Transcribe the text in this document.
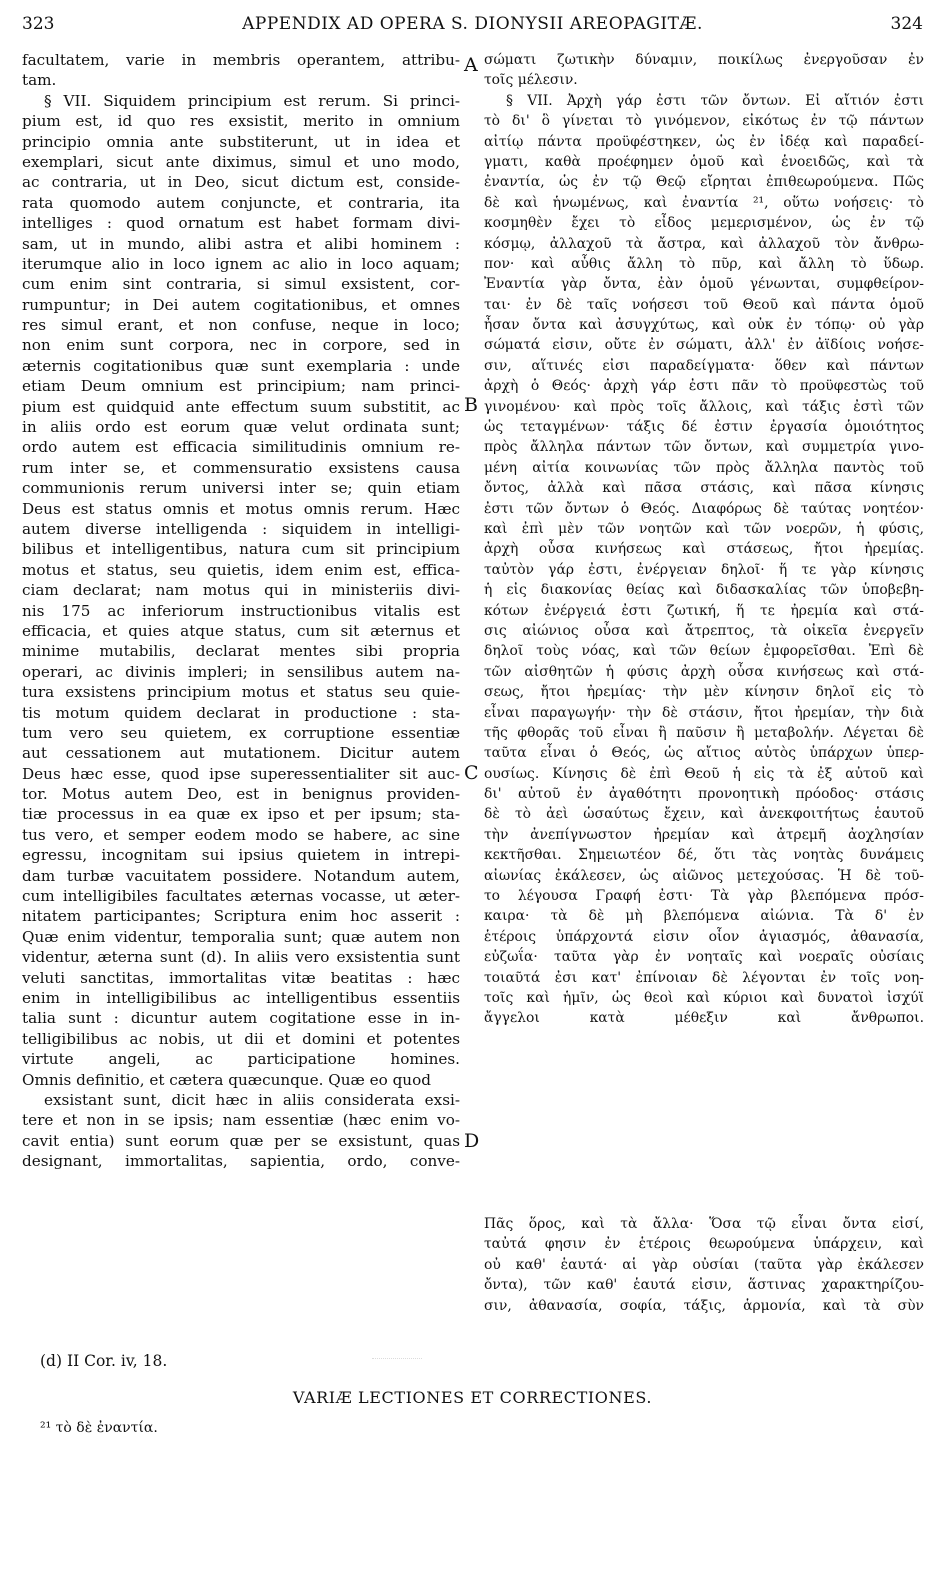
323	APPENDIX AD OPERA S. DIONYSII AREOPAGITÆ.	324
facultatem, varie in membris operantem, attribu-
tam.
§ VII. Siquidem principium est rerum. Si princi-
pium est, id quo res exsistit, merito in omnium
principio omnia ante substiterunt, ut in idea et
exemplari, sicut ante diximus, simul et uno modo,
ac contraria, ut in Deo, sicut dictum est, conside-
rata quomodo autem conjuncte, et contraria, ita
intelliges : quod ornatum est habet formam divi-
sam, ut in mundo, alibi astra et alibi hominem :
iterumque alio in loco ignem ac alio in loco aquam;
cum enim sint contraria, si simul exsistent, cor-
rumpuntur; in Dei autem cogitationibus, et omnes
res simul erant, et non confuse, neque in loco;
non enim sunt corpora, nec in corpore, sed in
æternis cogitationibus quæ sunt exemplaria : unde
etiam Deum omnium est principium; nam princi-
pium est quidquid ante effectum suum substitit, ac
in aliis ordo est eorum quæ velut ordinata sunt;
ordo autem est efficacia similitudinis omnium re-
rum inter se, et commensuratio exsistens causa
communionis rerum universi inter se; quin etiam
Deus est status omnis et motus omnis rerum. Hæc
autem diverse intelligenda : siquidem in intelligi-
bilibus et intelligentibus, natura cum sit principium
motus et status, seu quietis, idem enim est, effica-
ciam declarat; nam motus qui in ministeriis divi-
nis 175 ac inferiorum instructionibus vitalis est
efficacia, et quies atque status, cum sit æternus et
minime mutabilis, declarat mentes sibi propria
operari, ac divinis impleri; in sensilibus autem na-
tura exsistens principium motus et status seu quie-
tis motum quidem declarat in productione : sta-
tum vero seu quietem, ex corruptione essentiæ
aut cessationem aut mutationem. Dicitur autem
Deus hæc esse, quod ipse superessentialiter sit auc-
tor. Motus autem Deo, est in benignus providen-
tiæ processus in ea quæ ex ipso et per ipsum; sta-
tus vero, et semper eodem modo se habere, ac sine
egressu, incognitam sui ipsius quietem in intrepi-
dam turbæ vacuitatem possidere. Notandum autem,
cum intelligibiles facultates æternas vocasse, ut æter-
nitatem participantes; Scriptura enim hoc asserit :
Quæ enim videntur, temporalia sunt; quæ autem non
videntur, æterna sunt (d). In aliis vero exsistentia sunt
veluti sanctitas, immortalitas vitæ beatitas : hæc
enim in intelligibilibus ac intelligentibus essentiis
talia sunt : dicuntur autem cogitatione esse in in-
telligibilibus ac nobis, ut dii et domini et potentes
virtute angeli, ac participatione homines.
Omnis definitio, et cætera quæcunque. Quæ eo quod
exsistant sunt, dicit hæc in aliis considerata exsi-
tere et non in se ipsis; nam essentiæ (hæc enim vo-
cavit entia) sunt eorum quæ per se exsistunt, quas
designant, immortalitas, sapientia, ordo, conve-
σώματι ζωτικὴν δύναμιν, ποικίλως ἐνεργοῦσαν ἐν
τοῖς μέλεσιν.
§ VII. Ἀρχὴ γάρ ἐστι τῶν ὄντων. Εἰ αἴτιόν ἐστι
τὸ δι' ὃ γίνεται τὸ γινόμενον, εἰκότως ἐν τῷ πάντων
αἰτίῳ πάντα προϋφέστηκεν, ὡς ἐν ἰδέᾳ καὶ παραδεί-
γματι, καθὰ προέφημεν ὁμοῦ καὶ ἑνοειδῶς, καὶ τὰ
ἐναντία, ὡς ἐν τῷ Θεῷ εἴρηται ἐπιθεωρούμενα. Πῶς
δὲ καὶ ἡνωμένως, καὶ ἐναντία ²¹, οὕτω νοήσεις· τὸ
κοσμηθὲν ἔχει τὸ εἶδος μεμερισμένον, ὡς ἐν τῷ
κόσμῳ, ἀλλαχοῦ τὰ ἄστρα, καὶ ἀλλαχοῦ τὸν ἄνθρω-
πον· καὶ αὖθις ἄλλη τὸ πῦρ, καὶ ἄλλη τὸ ὕδωρ.
Ἐναντία γὰρ ὄντα, ἐὰν ὁμοῦ γένωνται, συμφθείρον-
ται· ἐν δὲ ταῖς νοήσεσι τοῦ Θεοῦ καὶ πάντα ὁμοῦ
ἦσαν ὄντα καὶ ἀσυγχύτως, καὶ οὐκ ἐν τόπῳ· οὐ γὰρ
σώματά εἰσιν, οὔτε ἐν σώματι, ἀλλ' ἐν ἀϊδίοις νοήσε-
σιν, αἵτινές εἰσι παραδείγματα· ὅθεν καὶ πάντων
ἀρχὴ ὁ Θεός· ἀρχὴ γάρ ἐστι πᾶν τὸ προϋφεστὼς τοῦ
γινομένου· καὶ πρὸς τοῖς ἄλλοις, καὶ τάξις ἐστὶ τῶν
ὡς τεταγμένων· τάξις δέ ἐστιν ἐργασία ὁμοιότητος
πρὸς ἄλληλα πάντων τῶν ὄντων, καὶ συμμετρία γινο-
μένη αἰτία κοινωνίας τῶν πρὸς ἄλληλα παντὸς τοῦ
ὄντος, ἀλλὰ καὶ πᾶσα στάσις, καὶ πᾶσα κίνησις
ἐστι τῶν ὄντων ὁ Θεός. Διαφόρως δὲ ταύτας νοητέον·
καὶ ἐπὶ μὲν τῶν νοητῶν καὶ τῶν νοερῶν, ἡ φύσις,
ἀρχὴ οὖσα κινήσεως καὶ στάσεως, ἤτοι ἠρεμίας.
ταὐτὸν γάρ ἐστι, ἐνέργειαν δηλοῖ· ἥ τε γὰρ κίνησις
ἡ εἰς διακονίας θείας καὶ διδασκαλίας τῶν ὑποβεβη-
κότων ἐνέργειά ἐστι ζωτική, ἥ τε ἠρεμία καὶ στά-
σις αἰώνιος οὖσα καὶ ἄτρεπτος, τὰ οἰκεῖα ἐνεργεῖν
δηλοῖ τοὺς νόας, καὶ τῶν θείων ἐμφορεῖσθαι. Ἐπὶ δὲ
τῶν αἰσθητῶν ἡ φύσις ἀρχὴ οὖσα κινήσεως καὶ στά-
σεως, ἤτοι ἠρεμίας· τὴν μὲν κίνησιν δηλοῖ εἰς τὸ
εἶναι παραγωγήν· τὴν δὲ στάσιν, ἤτοι ἠρεμίαν, τὴν διὰ
τῆς φθορᾶς τοῦ εἶναι ἢ παῦσιν ἢ μεταβολήν. Λέγεται δὲ
ταῦτα εἶναι ὁ Θεός, ὡς αἴτιος αὐτὸς ὑπάρχων ὑπερ-
ουσίως. Κίνησις δὲ ἐπὶ Θεοῦ ἡ εἰς τὰ ἐξ αὐτοῦ καὶ
δι' αὐτοῦ ἐν ἀγαθότητι προνοητικὴ πρόοδος· στάσις
δὲ τὸ ἀεὶ ὡσαύτως ἔχειν, καὶ ἀνεκφοιτήτως ἑαυτοῦ
τὴν ἀνεπίγνωστον ἠρεμίαν καὶ ἀτρεμῆ ἀοχλησίαν
κεκτῆσθαι. Σημειωτέον δέ, ὅτι τὰς νοητὰς δυνάμεις
αἰωνίας ἐκάλεσεν, ὡς αἰῶνος μετεχούσας. Ἡ δὲ τοῦ-
το λέγουσα Γραφή ἐστι· Τὰ γὰρ βλεπόμενα πρόσ-
καιρα· τὰ δὲ μὴ βλεπόμενα αἰώνια. Τὰ δ' ἐν
ἑτέροις ὑπάρχοντά εἰσιν οἷον ἁγιασμός, ἀθανασία,
εὐζωΐα· ταῦτα γὰρ ἐν νοηταῖς καὶ νοεραῖς οὐσίαις
τοιαῦτά ἐσι κατ' ἐπίνοιαν δὲ λέγονται ἐν τοῖς νοη-
τοῖς καὶ ἡμῖν, ὡς θεοὶ καὶ κύριοι καὶ δυνατοὶ ἰσχύϊ
ἄγγελοι κατὰ μέθεξιν καὶ ἄνθρωποι.
Πᾶς ὅρος, καὶ τὰ ἄλλα· Ὅσα τῷ εἶναι ὄντα εἰσί,
ταὐτά φησιν ἐν ἑτέροις θεωρούμενα ὑπάρχειν, καὶ
οὐ καθ' ἑαυτά· αἱ γὰρ οὐσίαι (ταῦτα γὰρ ἐκάλεσεν
ὄντα), τῶν καθ' ἑαυτά εἰσιν, ἅστινας χαρακτηρίζου-
σιν, ἀθανασία, σοφία, τάξις, ἁρμονία, καὶ τὰ σὺν
A
B
C
D
(d) II Cor. iv, 18.
VARIÆ LECTIONES ET CORRECTIONES.
²¹ τὸ δὲ ἐναντία.
